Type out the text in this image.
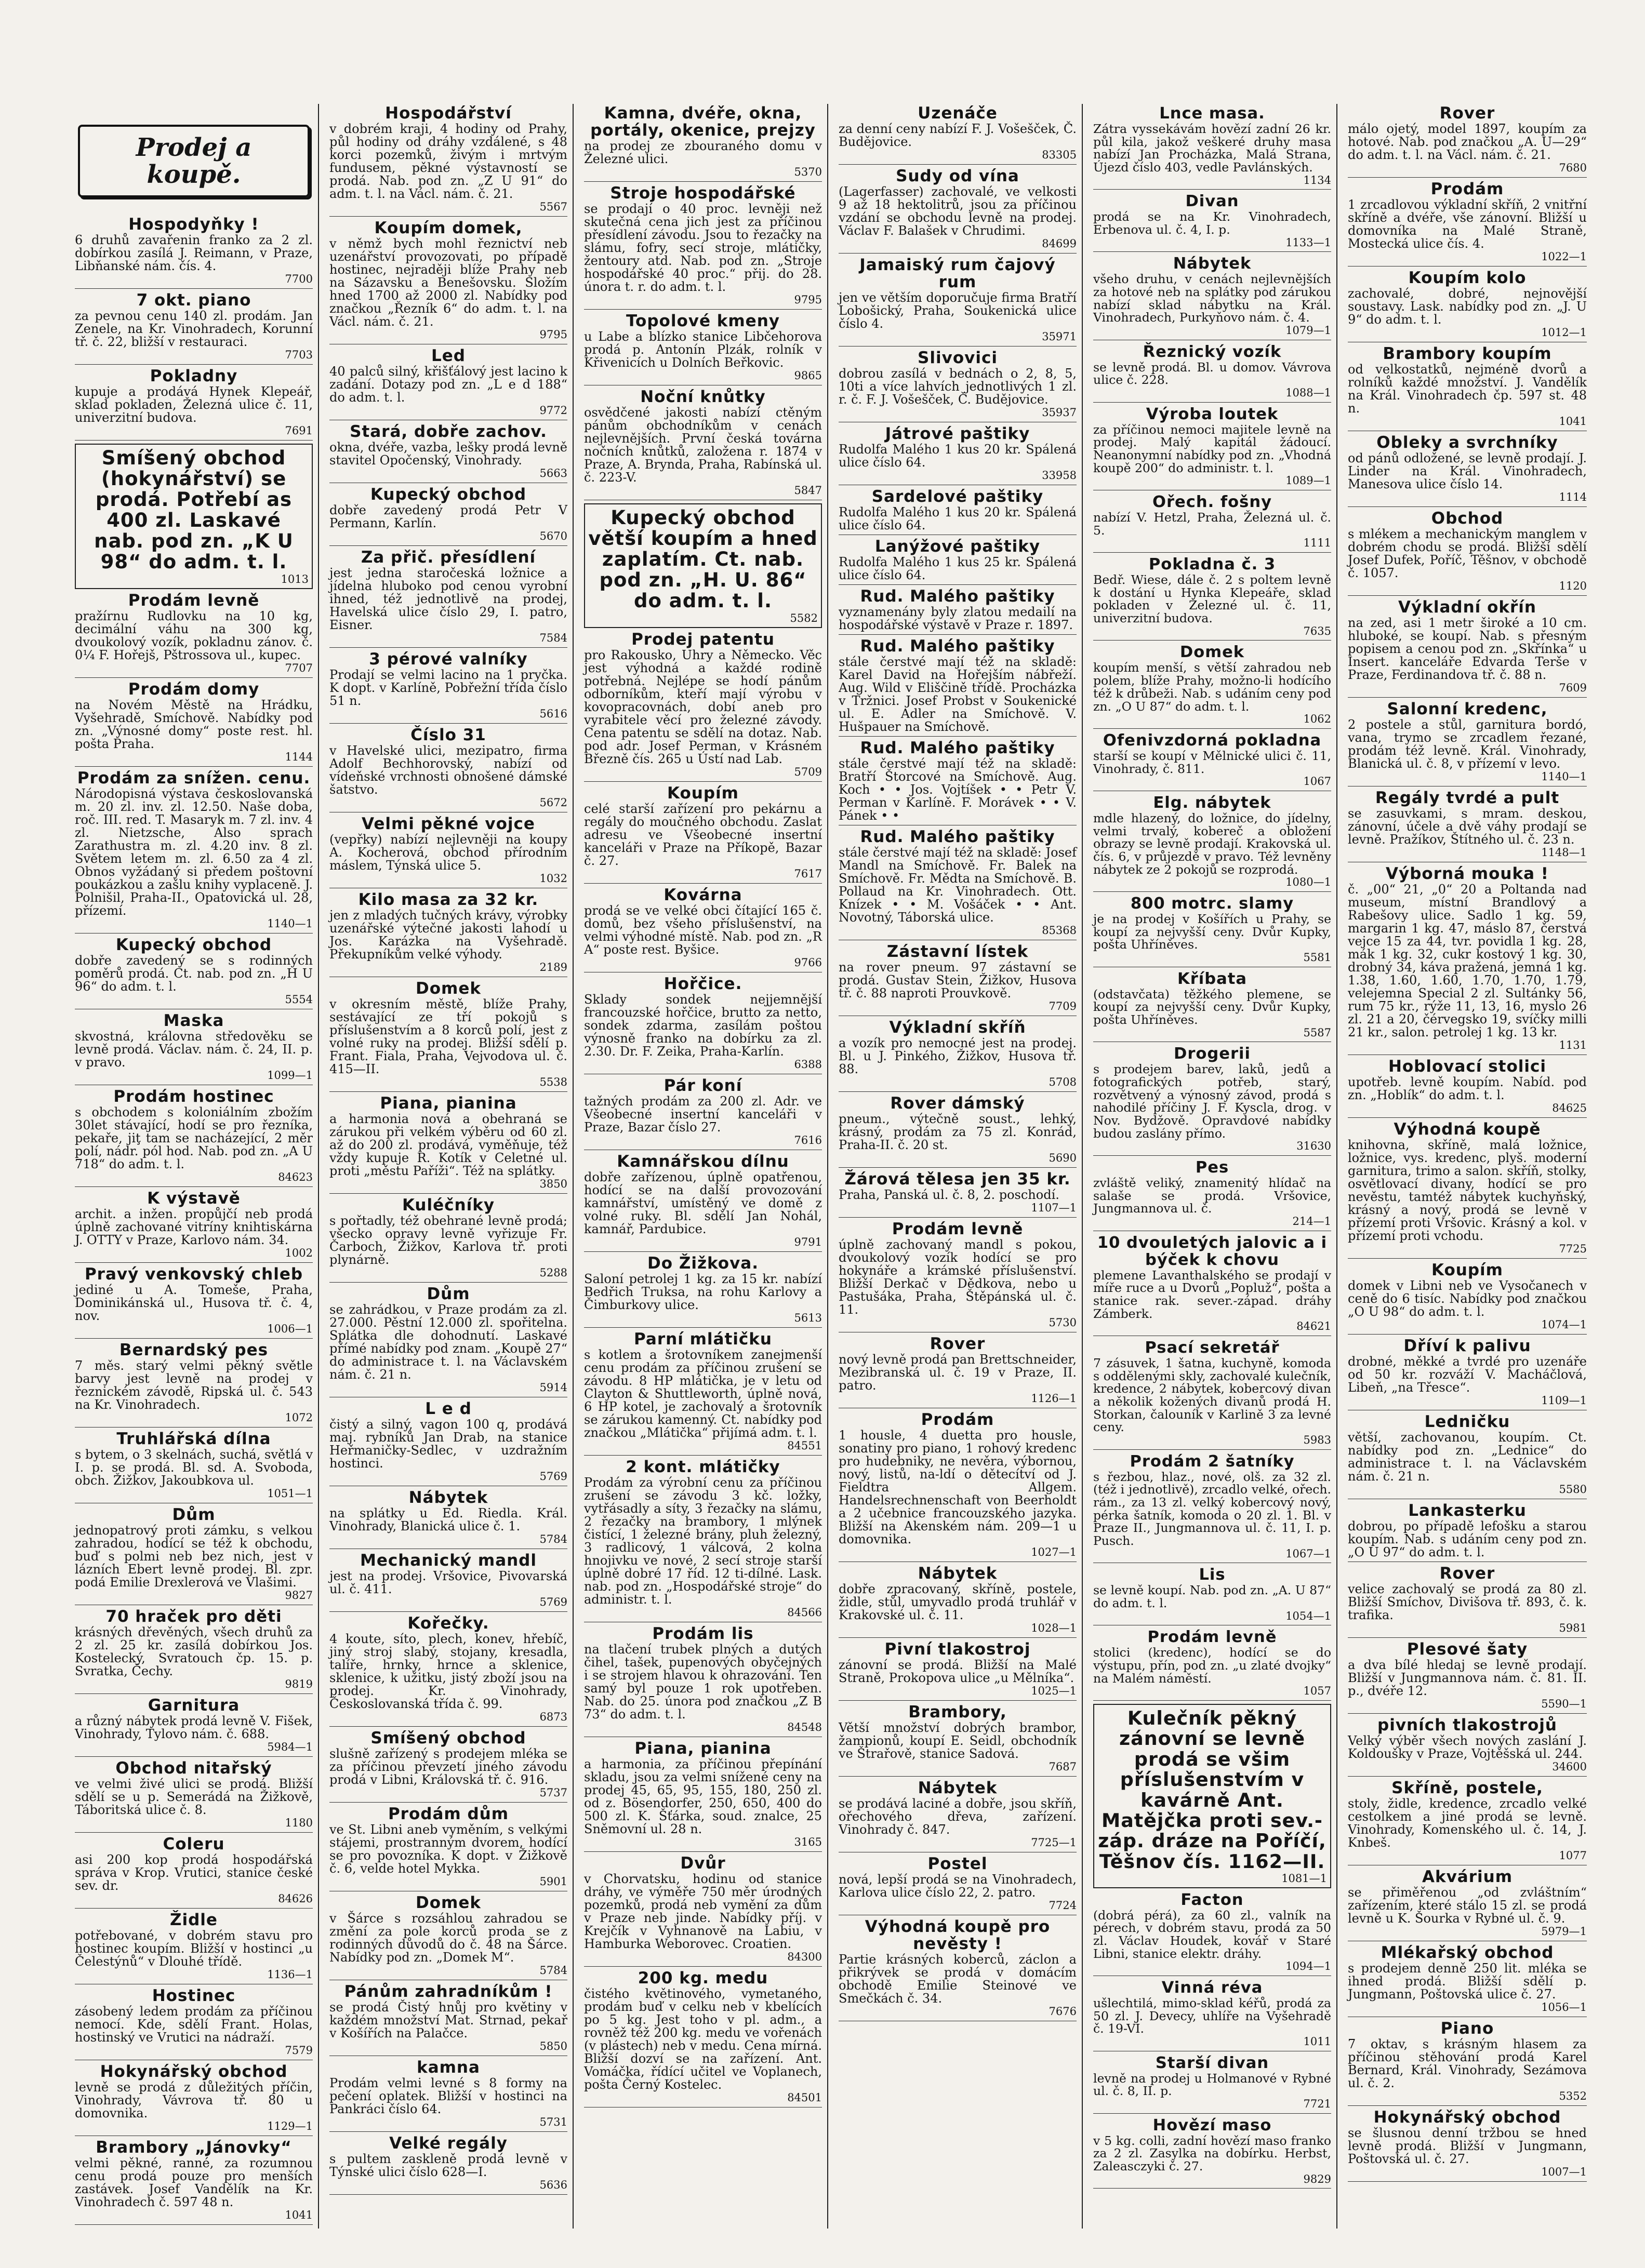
Prodej a koupě.
Hospodyňky !

6 druhů zavařenin franko za 2 zl. dobírkou zasílá J. Reimann, v Praze, Libňanské nám. čís. 4.

7700
7 okt. piano

za pevnou cenu 140 zl. prodám. Jan Zenele, na Kr. Vinohradech, Korunní tř. č. 22, bližší v restauraci.

7703
Pokladny

kupuje a prodává Hynek Klepeář, sklad pokladen, Železná ulice č. 11, univerzitní budova.

7691
Smíšený obchod (hokynářství) se prodá. Potřebí as 400 zl. Laskavé nab. pod zn. „K U 98“ do adm. t. l.
1013
Prodám levně

pražírnu Rudlovku na 10 kg, decimální váhu na 300 kg, dvoukolový vozík, pokladnu zánov. č. 0¼ F. Hořejš, Pštrossova ul., kupec.

7707
Prodám domy

na Novém Městě na Hrádku, Vyšehradě, Smíchově. Nabídky pod zn. „Výnosné domy“ poste rest. hl. pošta Praha.

1144
Prodám za snížen. cenu.

Národopisná výstava českoslovanská m. 20 zl. inv. zl. 12.50. Naše doba, roč. III. red. T. Masaryk m. 7 zl. inv. 4 zl. Nietzsche, Also sprach Zarathustra m. zl. 4.20 inv. 8 zl. Světem letem m. zl. 6.50 za 4 zl. Obnos vyžádaný si předem poštovní poukázkou a zašlu knihy vyplaceně. J. Polnišil, Praha-II., Opatovická ul. 28, přízemí.

1140—1
Kupecký obchod

dobře zavedený se s rodinných poměrů prodá. Ct. nab. pod zn. „H U 96“ do adm. t. l.

5554
Maska

skvostná, královna středověku se levně prodá. Václav. nám. č. 24, II. p. v pravo.

1099—1
Prodám hostinec

s obchodem s koloniálním zbožím 30let stávající, hodí se pro řezníka, pekaře, jiţ tam se nacházející, 2 měr polí, nádr. pól hod. Nab. pod zn. „A U 718“ do adm. t. l.

84623
K výstavě

archit. a inžen. propůjčí neb prodá úplně zachované vitríny knihtiskárna J. OTTY v Praze, Karlovo nám. 34.

1002
Pravý venkovský chleb

jediné u A. Tomeše, Praha, Dominikánská ul., Husova tř. č. 4, nov.

1006—1
Bernardský pes

7 měs. starý velmi pěkný světle barvy jest levně na prodej v řeznickém závodě, Ripská ul. č. 543 na Kr. Vinohradech.

1072
Truhlářská dílna

s bytem, o 3 skelnách, suchá, světlá v I. p. se prodá. Bl. sd. A. Svoboda, obch. Žižkov, Jakoubkova ul.

1051—1
Dům

jednopatrový proti zámku, s velkou zahradou, hodící se též k obchodu, buď s polmi neb bez nich, jest v lázních Ebert levně prodej. Bl. zpr. podá Emilie Drexlerová ve Vlašimi.

9827
70 hraček pro děti

krásných dřevěných, všech druhů za 2 zl. 25 kr. zasílá dobírkou Jos. Kostelecký, Svratouch čp. 15. p. Svratka, Čechy.

9819
Garnitura

a různý nábytek prodá levně V. Fišek, Vinohrady, Tylovo nám. č. 688.

5984—1
Obchod nitařský

ve velmi živé ulici se prodá. Bližší sdělí se u p. Semerádá na Žižkově, Táboritská ulice č. 8.

1180
Coleru

asi 200 kop prodá hospodářská správa v Krop. Vrutici, stanice české sev. dr.

84626
Židle

potřebované, v dobrém stavu pro hostinec koupím. Bližší v hostinci „u Čelestýnů“ v Dlouhé třídě.

1136—1
Hostinec

zásobený ledem prodám za příčinou nemocí. Kde, sdělí Frant. Holas, hostinský ve Vrutici na nádraží.

7579
Hokynářský obchod

levně se prodá z důležitých příčin, Vinohrady, Vávrova tř. 80 u domovnika.

1129—1
Brambory „Jánovky“

velmi pěkné, ranné, za rozumnou cenu prodá pouze pro menších zastávek. Josef Vandělík na Kr. Vinohradech č. 597 48 n.

1041
Hospodářství

v dobrém kraji, 4 hodiny od Prahy, půl hodiny od dráhy vzdálené, s 48 korci pozemků, živým i mrtvým fundusem, pěkné výstavností se prodá. Nab. pod zn. „Z U 91“ do adm. t. l. na Václ. nám. č. 21.

5567
Koupím domek,

v němž bych mohl řeznictví neb uzenářství provozovati, po případě hostinec, nejraději blíže Prahy neb na Sázavsku a Benešovsku. Složím hned 1700 až 2000 zl. Nabídky pod značkou „Řezník 6“ do adm. t. l. na Václ. nám. č. 21.

9795
Led

40 palců silný, křišťálový jest lacino k zadání. Dotazy pod zn. „L e d 188“ do adm. t. l.

9772
Stará, dobře zachov.

okna, dvéře, vazba, lešky prodá levně stavitel Opočenský, Vinohrady.

5663
Kupecký obchod

dobře zavedený prodá Petr V Permann, Karlín.

5670
Za přič. přesídlení

jest jedna staročeská ložnice a jídelna hluboko pod cenou vyrobní ihned, též jednotlivě na prodej, Havelská ulice číslo 29, I. patro, Eisner.

7584
3 pérové valníky

Prodají se velmi lacino na 1 pryčka. K dopt. v Karlíně, Pobřežní třída číslo 51 n.

5616
Číslo 31

v Havelské ulici, mezipatro, firma Adolf Bechhorovský, nabízí od vídeňské vrchnosti obnošené dámské šatstvo.

5672
Velmi pěkné vojce

(vepřky) nabízí nejlevněji na koupy A. Kocherová, obchod přírodním máslem, Týnská ulice 5.

1032
Kilo masa za 32 kr.

jen z mladých tučných krávy, výrobky uzenářské výtečné jakosti lahodí u Jos. Karázka na Vyšehradě. Překupníkům velké výhody.

2189
Domek

v okresním městě, blíže Prahy, sestávající ze tří pokojů s příslušenstvím a 8 korců polí, jest z volné ruky na prodej. Bližší sdělí p. Frant. Fiala, Praha, Vejvodova ul. č. 415—II.

5538
Piana, pianina

a harmonia nová a obehraná se zárukou při velkém výběru od 60 zl. až do 200 zl. prodává, vyměňuje, též vždy kupuje R. Kotík v Celetné ul. proti „městu Paříži“. Též na splátky.

3850
Kuléčníky

s pořtadly, též obehrané levně prodá; všecko opravy levně vyřizuje Fr. Čarboch, Žižkov, Karlova tř. proti plynárně.

5288
Dům

se zahrádkou, v Praze prodám za zl. 27.000. Pěstní 12.000 zl. spořitelna. Splátka dle dohodnutí. Laskavé přímé nabídky pod znam. „Koupě 27“ do administrace t. l. na Václavském nám. č. 21 n.

5914
L e d

čistý a silný, vagon 100 q, prodává maj. rybníků Jan Drab, na stanice Heřmaničky-Sedlec, v uzdražním hostinci.

5769
Nábytek

na splátky u Ed. Riedla. Král. Vinohrady, Blanická ulice č. 1.

5784
Mechanický mandl

jest na prodej. Vršovice, Pivovarská ul. č. 411.

5769
Kořečky.

4 koute, síto, plech, konev, hřebíč, jiný stroj slabý, stojany, kresadla, talíře, hrnky, hrnce a sklenice, sklenice, k užitku, jistý zboží jsou na prodej. Kr. Vinohrady, Českoslovanská třída č. 99.

6873
Smíšený obchod

slušně zařízený s prodejem mléka se za příčinou převzetí jiného závodu prodá v Libni, Královská tř. č. 916.

5737
Prodám dům

ve St. Libni aneb vyměním, s velkými stájemi, prostranným dvorem, hodící se pro povozníka. K dopt. v Žižkově č. 6, velde hotel Mykka.

5901
Domek

v Šárce s rozsáhlou zahradou se změní za pole korců proda se z rodinných důvodů do č. 48 na Šárce. Nabídky pod zn. „Domek M“.

5784
Pánům zahradníkům !

se prodá Čistý hnůj pro květiny v každém množství Mat. Strnad, pekař v Košířích na Palačce.

5850
kamna

Prodám velmi levné s 8 formy na pečení oplatek. Bližší v hostinci na Pankráci číslo 64.

5731
Velké regály

s pultem zaskleně prodá levně v Týnské ulici číslo 628—I.

5636
Kamna, dvéře, okna, portály, okenice, prejzy

na prodej ze zbouraného domu v Železné ulici.

5370
Stroje hospodářské

se prodají o 40 proc. levněji než skutečná cena jich jest za příčinou přesídlení závodu. Jsou to řezačky na slámu, fofry, secí stroje, mlátičky, žentoury atd. Nab. pod zn. „Stroje hospodářské 40 proc.“ přij. do 28. února t. r. do adm. t. l.

9795
Topolové kmeny

u Labe a blízko stanice Libčehorova prodá p. Antonín Plzák, rolník v Křivenicích u Dolních Beřkovic.

9865
Noční knůtky

osvědčené jakosti nabízí ctěným pánům obchodníkům v cenách nejlevnějších. První česká továrna nočních knůtků, založena r. 1874 v Praze, A. Brynda, Praha, Rabínská ul. č. 223-V.

5847
Kupecký obchod větší koupím a hned zaplatím. Ct. nab. pod zn. „H. U. 86“ do adm. t. l.
5582
Prodej patentu

pro Rakousko, Uhry a Německo. Věc jest výhodná a každé rodině potřebná. Nejlépe se hodí pánům odborníkům, kteří mají výrobu v kovopracovnách, dobí aneb pro vyrabitele věcí pro železné závody. Cena patentu se sdělí na dotaz. Nab. pod adr. Josef Perman, v Krásném Březně čís. 265 u Ústí nad Lab.

5709
Koupím

celé starší zařízení pro pekárnu a regály do moučného obchodu. Zaslat adresu ve Všeobecné insertní kanceláři v Praze na Příkopě, Bazar č. 27.

7617
Kovárna

prodá se ve velké obci čítající 165 č. domů, bez všeho příslušenství, na velmi výhodné místě. Nab. pod zn. „R A“ poste rest. Byšice.

9766
Hořčice.

Sklady sondek nejjemnější francouzské hořčice, brutto za netto, sondek zdarma, zasílám poštou výnosně franko na dobírku za zl. 2.30. Dr. F. Zeika, Praha-Karlín.

6388
Pár koní

tažných prodám za 200 zl. Adr. ve Všeobecné insertní kanceláři v Praze, Bazar číslo 27.

7616
Kamnářskou dílnu

dobře zařízenou, úplně opatřenou, hodící se na další provozování kamnářství, umístěný ve domě z volné ruky. Bl. sdělí Jan Nohál, kamnář, Pardubice.

9791
Do Žižkova.

Saloní petrolej 1 kg. za 15 kr. nabízí Bedřich Truksa, na rohu Karlovy a Čimburkovy ulice.

5613
Parní mlátičku

s kotlem a šrotovníkem zanejmenší cenu prodám za příčinou zrušení se závodu. 8 HP mlátička, je v letu od Clayton & Shuttleworth, úplně nová, 6 HP kotel, je zachovalý a šrotovník se zárukou kamenný. Ct. nabídky pod značkou „Mlátička“ přijímá adm. t. l.

84551
2 kont. mlátičky

Prodám za výrobní cenu za příčinou zrušení se závodu 3 kč. ložky, vytřásadly a síty, 3 řezačky na slámu, 2 řezačky na brambory, 1 mlýnek čistící, 1 železné brány, pluh železný, 3 radlicový, 1 válcová, 2 kolna hnojivku ve nové, 2 secí stroje starší úplně dobré 17 říd. 12 ti-dílné. Lask. nab. pod zn. „Hospodářské stroje“ do administr. t. l.

84566
Prodám lis

na tlačení trubek plných a dutých čihel, tašek, pupenových obyčejných i se strojem hlavou k ohrazování. Ten samý byl pouze 1 rok upotřeben. Nab. do 25. února pod značkou „Z B 73“ do adm. t. l.

84548
Piana, pianina

a harmonia, za příčinou přepínání skladu, jsou za velmi snížené ceny na prodej 45, 65, 95, 155, 180, 250 zl. od z. Bösendorfer, 250, 650, 400 do 500 zl. K. Šťárka, soud. znalce, 25 Sněmovní ul. 28 n.

3165
Dvůr

v Chorvatsku, hodinu od stanice dráhy, ve výměře 750 měr úrodných pozemků, prodá neb vymění za dům v Praze neb jinde. Nabídky příj. v Krejčík v Vyhnanově na Labiu, v Hamburka Weborovec. Croatien.

84300
200 kg. medu

čistého květinového, vymetaného, prodám buď v celku neb v kbelících po 5 kg. Jest toho v pl. adm., a rovněž též 200 kg. medu ve vořenách (v plástech) neb v medu. Cena mírná. Bližší dozví se na zařízení. Ant. Vomáčka, řídící učitel ve Voplanech, pošta Černý Kostelec.

84501
Uzenáče

za denní ceny nabízí F. J. Vošešček, Č. Budějovice.

83305
Sudy od vína

(Lagerfasser) zachovalé, ve velkosti 9 až 18 hektolitrů, jsou za příčinou vzdání se obchodu levně na prodej. Václav F. Balašek v Chrudimi.

84699
Jamaiský rum čajový rum

jen ve větším doporučuje firma Bratří Lobošický, Praha, Soukenická ulice číslo 4.

35971
Slivovici

dobrou zasílá v bednách o 2, 8, 5, 10ti a více lahvích jednotlivých 1 zl. r. č. F. J. Vošešček, Č. Budějovice.

35937
Játrové paštiky

Rudolfa Malého 1 kus 20 kr. Spálená ulice číslo 64.

33958
Sardelové paštiky

Rudolfa Malého 1 kus 20 kr. Spálená ulice číslo 64.

Lanýžové paštiky

Rudolfa Malého 1 kus 25 kr. Spálená ulice číslo 64.

Rud. Malého paštiky

vyznamenány byly zlatou medailí na hospodářské výstavě v Praze r. 1897.

Rud. Malého paštiky

stále čerstvé mají též na skladě: Karel David na Hořejším nábřeží. Aug. Wild v Eliščině třídě. Procházka v Tržnici. Josef Probst v Soukenické ul. E. Adler na Smíchově. V. Hušpauer na Smíchově.

Rud. Malého paštiky

stále čerstvé mají též na skladě: Bratří Štorcové na Smíchově. Aug. Koch • • Jos. Vojtíšek • • Petr V. Perman v Karlíně. F. Morávek • • V. Pánek • •

Rud. Malého paštiky

stále čerstvé mají též na skladě: Josef Mandl na Smíchově. Fr. Balek na Smíchově. Fr. Mědta na Smíchově. B. Pollaud na Kr. Vinohradech. Ott. Knízek • • M. Vošáček • • Ant. Novotný, Táborská ulice.

85368
Zástavní lístek

na rover pneum. 97 zástavní se prodá. Gustav Stein, Žižkov, Husova tř. č. 88 naproti Prouvkově.

7709
Výkladní skříň

a vozík pro nemocné jest na prodej. Bl. u J. Pinkého, Žižkov, Husova tř. 88.

5708
Rover dámský

pneum., výtečně soust., lehký, krásný, prodám za 75 zl. Konrád, Praha-II. č. 20 st.

5690
Žárová tělesa jen 35 kr.

Praha, Panská ul. č. 8, 2. poschodí.

1107—1
Prodám levně

úplně zachovaný mandl s pokou, dvoukolový vozík hodící se pro hokynáře a krámské příslušenství. Bližší Derkač v Dědkova, nebo u Pastušáka, Praha, Štěpánská ul. č. 11.

5730
Rover

nový levně prodá pan Brettschneider, Mezibranská ul. č. 19 v Praze, II. patro.

1126—1
Prodám

1 housle, 4 duetta pro housle, sonatiny pro piano, 1 rohový kredenc pro hudebniky, ne nevěra, výbornou, nový, listů, na-ldí o dětecítví od J. Fieldtra Allgem. Handelsrechnenschaft von Beerholdt a 2 učebnice francouzského jazyka. Bližší na Akenském nám. 209—1 u domovnika.

1027—1
Nábytek

dobře zpracovaný, skříně, postele, židle, stůl, umyvadlo prodá truhlář v Krakovské ul. č. 11.

1028—1
Pivní tlakostroj

zánovní se prodá. Bližší na Malé Straně, Prokopova ulice „u Mělníka“.

1025—1
Brambory,

Větší množství dobrých brambor, žampionů, koupí E. Seidl, obchodník ve Štrařově, stanice Sadová.

7687
Nábytek

se prodává laciné a dobře, jsou skříň, ořechového dřeva, zařízení. Vinohrady č. 847.

7725—1
Postel

nová, lepší prodá se na Vinohradech, Karlova ulice číslo 22, 2. patro.

7724
Výhodná koupě pro nevěsty !

Partie krásných koberců, záclon a přikrývek se prodá v domácím obchodě Emilie Steinové ve Smečkách č. 34.

7676
Lnce masa.

Zátra vyssekávám hovězí zadní 26 kr. půl kila, jakož veškeré druhy masa nabízí Jan Procházka, Malá Strana, Újezd číslo 403, vedle Pavlánských.

1134
Divan

prodá se na Kr. Vinohradech, Erbenova ul. č. 4, I. p.

1133—1
Nábytek

všeho druhu, v cenách nejlevnějších za hotové neb na splátky pod zárukou nabízí sklad nábytku na Král. Vinohradech, Purkyňovo nám. č. 4.

1079—1
Řeznický vozík

se levně prodá. Bl. u domov. Vávrova ulice č. 228.

1088—1
Výroba loutek

za příčinou nemoci majitele levně na prodej. Malý kapitál žádoucí. Neanonymní nabídky pod zn. „Vhodná koupě 200“ do administr. t. l.

1089—1
Ořech. fošny

nabízí V. Hetzl, Praha, Železná ul. č. 5.

1111
Pokladna č. 3

Bedř. Wiese, dále č. 2 s poltem levně k dostání u Hynka Klepeáře, sklad pokladen v Železné ul. č. 11, univerzitní budova.

7635
Domek

koupím menší, s větší zahradou neb polem, blíže Prahy, možno-li hodícího též k drůbeži. Nab. s udáním ceny pod zn. „O U 87“ do adm. t. l.

1062
Ofenivzdorná pokladna

starší se koupí v Mělnické ulici č. 11, Vinohrady, č. 811.

1067
Elg. nábytek

mdle hlazený, do ložnice, do jídelny, velmi trvalý, kobereč a obložení obrazy se levně prodají. Krakovská ul. čís. 6, v průjezdě v pravo. Též levněny nábytek ze 2 pokojů se rozprodá.

1080—1
800 motrc. slamy

je na prodej v Košířích u Prahy, se koupí za nejvyšší ceny. Dvůr Kupky, pošta Uhříněves.

5581
Kříbata

(odstavčata) těžkého plemene, se koupí za nejvyšší ceny. Dvůr Kupky, pošta Uhříněves.

5587
Drogerii

s prodejem barev, laků, jedů a fotografických potřeb, starý, rozvětvený a výnosný závod, prodá s nahodilé příčiny J. F. Kyscla, drog. v Nov. Bydžově. Opravdové nabídky budou zaslány přímo.

31630
Pes

zvláště veliký, znamenitý hlídač na salaše se prodá. Vršovice, Jungmannova ul. č.

214—1
10 dvouletých jalovic a i býček k chovu

plemene Lavanthalského se prodají v míře ruce a u Dvorů „Popluž“, pošta a stanice rak. sever.-západ. dráhy Zámberk.

84621
Psací sekretář

7 zásuvek, 1 šatna, kuchyně, komoda s oddělenými skly, zachovalé kulečník, kredence, 2 nábytek, kobercový divan a několik kožených divanů prodá H. Storkan, čalouník v Karlině 3 za levné ceny.

5983
Prodám 2 šatníky

s řezbou, hlaz., nové, olš. za 32 zl. (též i jednotlivě), zrcadlo velké, ořech. rám., za 13 zl. velký kobercový nový, pérka šatník, komoda o 20 zl. 1. Bl. v Praze II., Jungmannova ul. č. 11, I. p. Pusch.

1067—1
Lis

se levně koupí. Nab. pod zn. „A. U 87“ do adm. t. l.

1054—1
Prodám levně

stolici (kredenc), hodící se do výstupu, přín, pod zn. „u zlaté dvojky“ na Malém náměstí.

1057
Kulečník pěkný zánovní se levně prodá se všim příslušenstvím v kavárně Ant. Matějčka proti sev.-záp. dráze na Poříčí, Těšnov čís. 1162—II.
1081—1
Facton

(dobrá pérá), za 60 zl., valník na pérech, v dobrém stavu, prodá za 50 zl. Václav Houdek, kovář v Staré Libni, stanice elektr. dráhy.

1094—1
Vinná réva

ušlechtilá, mimo-sklad kéřů, prodá za 50 zl. J. Devecy, uhlíře na Vyšehradě č. 19-VI.

1011
Starší divan

levně na prodej u Holmanové v Rybné ul. č. 8, II. p.

7721
Hovězí maso

v 5 kg. colli, zadní hovězí maso franko za 2 zl. Zasylka na dobírku. Herbst, Zaleasczyki č. 27.

9829
Rover

málo ojetý, model 1897, koupím za hotové. Nab. pod značkou „A. U—29“ do adm. t. l. na Václ. nám. č. 21.

7680
Prodám

1 zrcadlovou výkladní skříň, 2 vnitřní skříně a dvéře, vše zánovní. Bližší u domovníka na Malé Straně, Mostecká ulice čís. 4.

1022—1
Koupím kolo

zachovalé, dobré, nejnovější soustavy. Lask. nabídky pod zn. „J. U 9“ do adm. t. l.

1012—1
Brambory koupím

od velkostatků, nejméně dvorů a rolníků každé množství. J. Vandělík na Král. Vinohradech čp. 597 st. 48 n.

1041
Obleky a svrchníky

od pánů odložené, se levně prodají. J. Linder na Král. Vinohradech, Manesova ulice číslo 14.

1114
Obchod

s mlékem a mechanickým manglem v dobrém chodu se prodá. Bližší sdělí Josef Dufek, Poříč, Těšnov, v obchodě č. 1057.

1120
Výkladní okřín

na zed, asi 1 metr široké a 10 cm. hluboké, se koupí. Nab. s přesným popisem a cenou pod zn. „Skřínka“ u Insert. kanceláře Edvarda Terše v Praze, Ferdinandova tř. č. 88 n.

7609
Salonní kredenc,

2 postele a stůl, garnitura bordó, vana, trymo se zrcadlem řezané, prodám též levně. Král. Vinohrady, Blanická ul. č. 8, v přízemí v levo.

1140—1
Regály tvrdé a pult

se zasuvkami, s mram. deskou, zánovní, účele a dvě váhy prodají se levně. Pražíkov, Štítného ul. č. 23 n.

1148—1
Výborná mouka !

č. „00“ 21, „0“ 20 a Poltanda nad museum, místní Brandlový a Rabešovy ulice. Sadlo 1 kg. 59, margarin 1 kg. 47, máslo 87, čerstvá vejce 15 za 44, tvr. povidla 1 kg. 28, mák 1 kg. 32, cukr kostový 1 kg. 30, drobný 34, káva pražená, jemná 1 kg. 1.38, 1.60, 1.60, 1.70, 1.70, 1.79, velejemna Special 2 zl. Sultánky 56, rum 75 kr., rýže 11, 13, 16, myslo 26 zl. 21 a 20, čérvegsko 19, svíčky milli 21 kr., salon. petrolej 1 kg. 13 kr.

1131
Hoblovací stolici

upotřeb. levně koupím. Nabíd. pod zn. „Hoblík“ do adm. t. l.

84625
Výhodná koupě

knihovna, skříně, malá ložnice, ložnice, vys. kredenc, plyš. moderní garnitura, trimo a salon. skříň, stolky, osvětlovací divany, hodící se pro nevěstu, tamtéž nábytek kuchyňský, krásný a nový, prodá se levně v přízemí proti Vršovic. Krásný a kol. v přízemí proti vchodu.

7725
Koupím

domek v Libni neb ve Vysočanech v ceně do 6 tisíc. Nabídky pod značkou „O U 98“ do adm. t. l.

1074—1
Dříví k palivu

drobné, měkké a tvrdé pro uzenáře od 50 kr. rozváží V. Macháčlová, Libeň, „na Třesce“.

1109—1
Ledničku

větší, zachovanou, koupím. Ct. nabídky pod zn. „Lednice“ do administrace t. l. na Václavském nám. č. 21 n.

5580
Lankasterku

dobrou, po případě lefošku a starou koupím. Nab. s udáním ceny pod zn. „O U 97“ do adm. t. l.

Rover

velice zachovalý se prodá za 80 zl. Bližší Smíchov, Divišova tř. 893, č. k. trafika.

5981
Plesové šaty

a dva bílé hledaj se levně prodají. Bližší v Jungmannova nám. č. 81. II. p., dvéře 12.

5590—1
pivních tlakostrojů

Velký výběr všech nových zaslání J. Koldoušky v Praze, Vojtěšská ul. 244.

34600
Skříně, postele,

stoly, židle, kredence, zrcadlo velké cestolkem a jiné prodá se levně. Vinohrady, Komenského ul. č. 14, J. Knbeš.

1077
Akvárium

se přiměřenou „od zvláštním“ zařízením, které stálo 15 zl. se prodá levně u K. Šourka v Rybné ul. č. 9.

5979—1
Mlékařský obchod

s prodejem denně 250 lit. mléka se ihned prodá. Bližší sdělí p. Jungmann, Poštovská ulice č. 27.

1056—1
Piano

7 oktav, s krásným hlasem za příčinou stěhování prodá Karel Bernard, Král. Vinohrady, Sezámova ul. č. 2.

5352
Hokynářský obchod

se šlusnou denní tržbou se hned levně prodá. Bližší v Jungmann, Poštovská ul. č. 27.

1007—1
